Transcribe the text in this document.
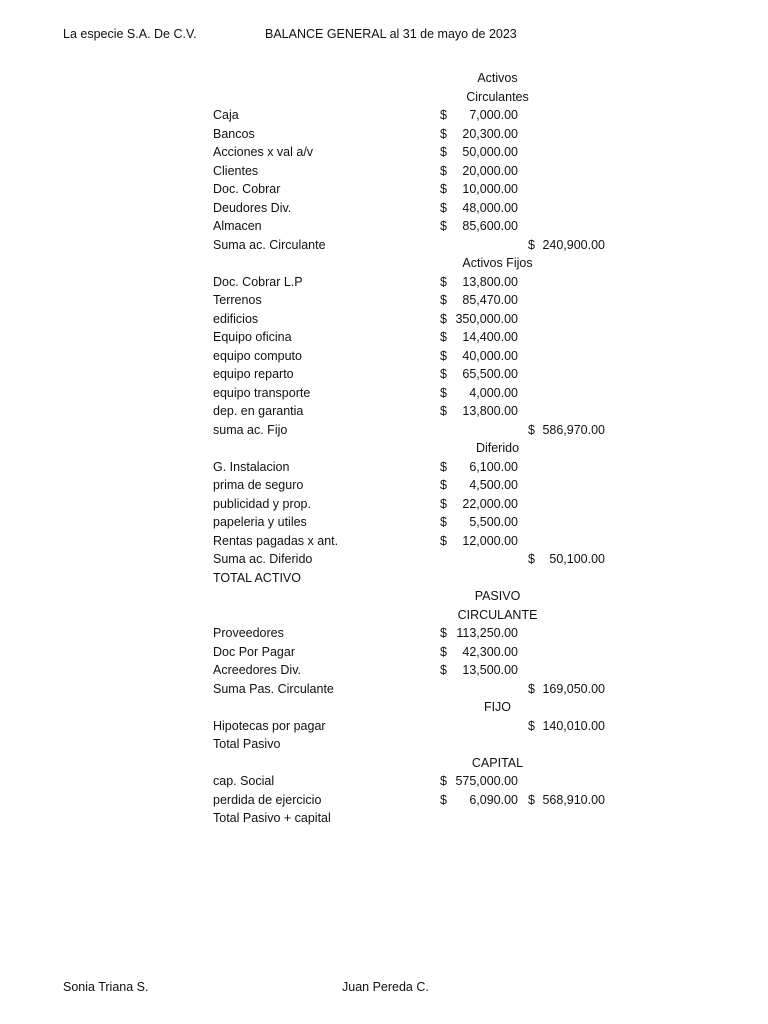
La especie S.A. De C.V.	BALANCE GENERAL al 31 de mayo de 2023
Activos
Circulantes
Caja	$ 7,000.00
Bancos	$ 20,300.00
Acciones x val a/v	$ 50,000.00
Clientes	$ 20,000.00
Doc. Cobrar	$ 10,000.00
Deudores Div.	$ 48,000.00
Almacen	$ 85,600.00
Suma ac. Circulante	$ 240,900.00
Activos Fijos
Doc. Cobrar L.P	$ 13,800.00
Terrenos	$ 85,470.00
edificios	$ 350,000.00
Equipo oficina	$ 14,400.00
equipo computo	$ 40,000.00
equipo reparto	$ 65,500.00
equipo transporte	$ 4,000.00
dep. en garantia	$ 13,800.00
suma ac. Fijo	$ 586,970.00
Diferido
G. Instalacion	$ 6,100.00
prima de seguro	$ 4,500.00
publicidad y prop.	$ 22,000.00
papeleria y utiles	$ 5,500.00
Rentas pagadas x ant.	$ 12,000.00
Suma ac. Diferido	$ 50,100.00
TOTAL ACTIVO
PASIVO
CIRCULANTE
Proveedores	$ 113,250.00
Doc Por Pagar	$ 42,300.00
Acreedores Div.	$ 13,500.00
Suma Pas. Circulante	$ 169,050.00
FIJO
Hipotecas por pagar	$ 140,010.00
Total Pasivo
CAPITAL
cap. Social	$ 575,000.00
perdida de ejercicio	$ 6,090.00 $ 568,910.00
Total Pasivo + capital
Sonia Triana S.	Juan Pereda C.
